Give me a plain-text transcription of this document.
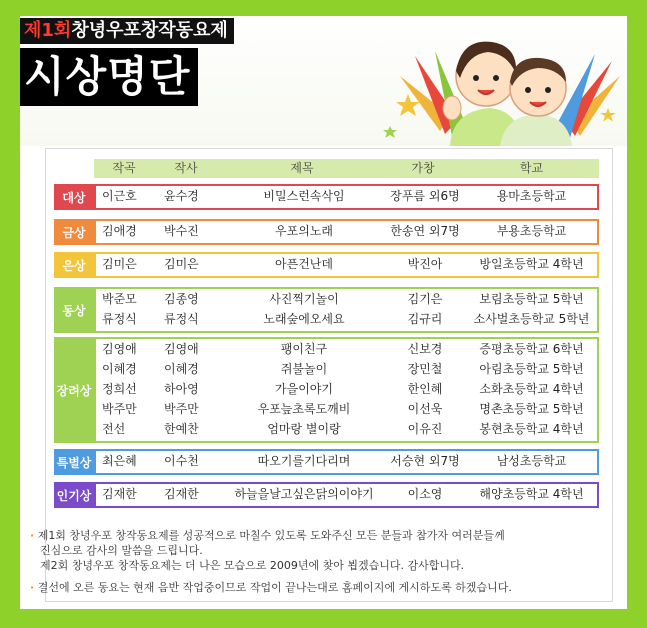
제1회창녕우포창작동요제
시상명단
작곡	작사	제목	가창	학교
대상	이근호	윤수경	비밀스런속삭임	장푸름 외6명	용마초등학교
금상	김애경	박수진	우포의노래	한송연 외7명	부용초등학교
은상	김미은	김미은	아픈건난데	박진아	방일초등학교 4학년
동상
박준모	김종영	사진찍기놀이	김기은	보림초등학교 5학년
류정식	류정식	노래숲에오세요	김규리	소사벌초등학교 5학년
장려상
김영애	김영애	팽이친구	신보경	증평초등학교 6학년
이혜경	이혜경	쥐불놀이	장민철	아림초등학교 5학년
정희선	하아영	가을이야기	한인혜	소화초등학교 4학년
박주만	박주만	우포늪초록도깨비	이선욱	명촌초등학교 5학년
전선	한예찬	엄마랑 별이랑	이유진	봉현초등학교 4학년
특별상 최은혜	이수천	따오기를기다리며	서승현 외7명	남성초등학교
인기상 김재한	김재한	하늘을날고싶은닭의이야기	이소영	해양초등학교 4학년
· 제1회 창녕우포 창작동요제를 성공적으로 마칠수 있도록 도와주신 모든 분들과 참가자 여러분들께
진심으로 감사의 말씀을 드립니다.
제2회 창녕우포 창작동요제는 더 나은 모습으로 2009년에 찾아 뵙겠습니다. 감사합니다.
· 결선에 오른 동요는 현재 음반 작업중이므로 작업이 끝나는대로 홈페이지에 게시하도록 하겠습니다.
